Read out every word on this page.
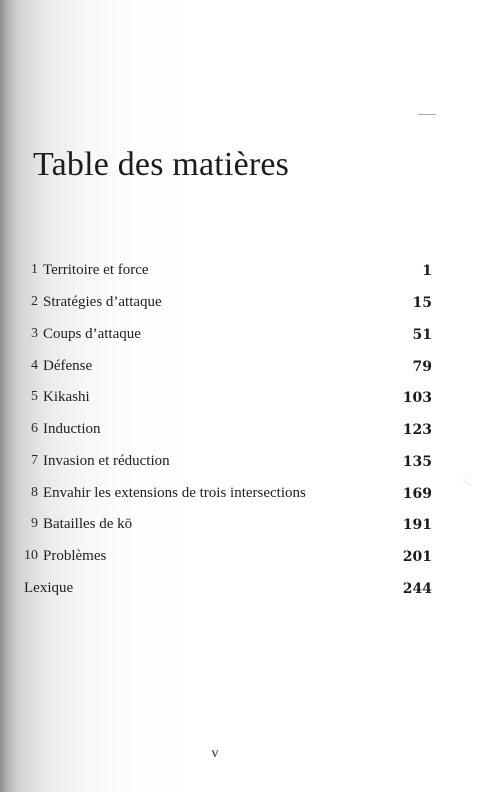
Table des matières
1 Territoire et force	1
2 Stratégies d’attaque	15
3 Coups d’attaque	51
4 Défense	79
5 Kikashi	103
6 Induction	123
7 Invasion et réduction	135
8 Envahir les extensions de trois intersections	169
9 Batailles de kō	191
10 Problèmes	201
Lexique	244
·.·
·¨·.
v
